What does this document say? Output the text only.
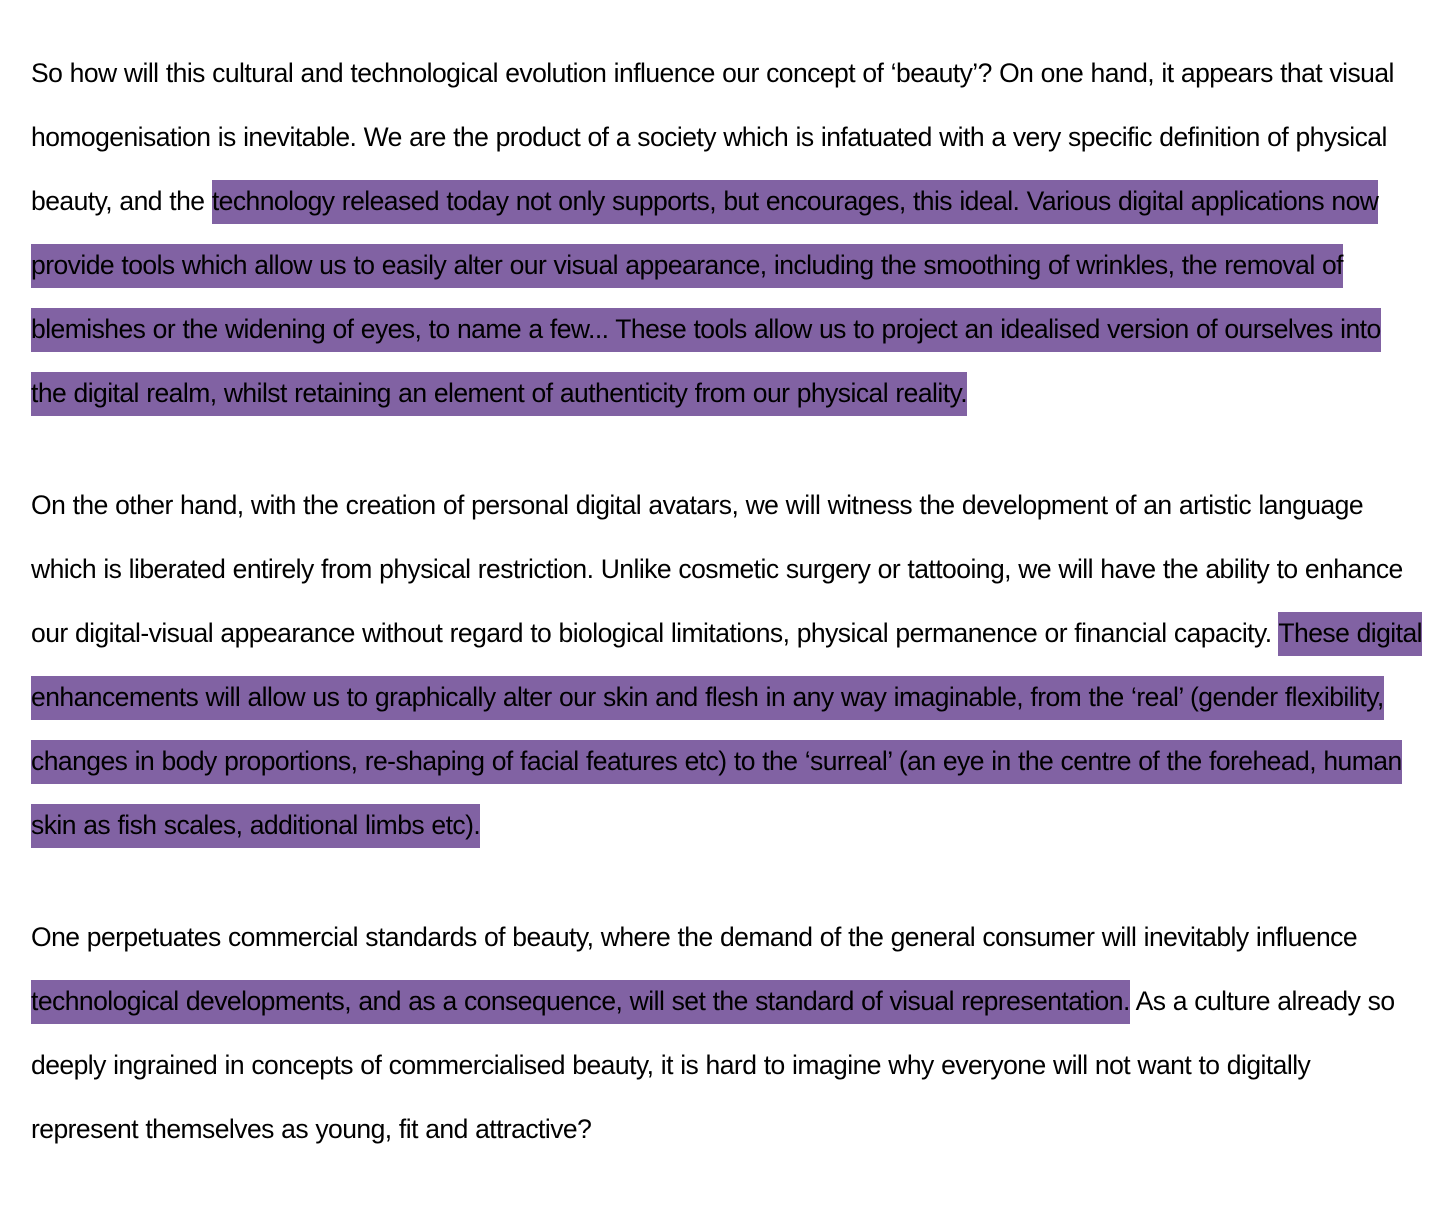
So how will this cultural and technological evolution influence our concept of ‘beauty’? On one hand, it appears that visual homogenisation is inevitable. We are the product of a society which is infatuated with a very specific definition of physical beauty, and the technology released today not only supports, but encourages, this ideal. Various digital applications now provide tools which allow us to easily alter our visual appearance, including the smoothing of wrinkles, the removal of blemishes or the widening of eyes, to name a few... These tools allow us to project an idealised version of ourselves into the digital realm, whilst retaining an element of authenticity from our physical reality.

On the other hand, with the creation of personal digital avatars, we will witness the development of an artistic language which is liberated entirely from physical restriction. Unlike cosmetic surgery or tattooing, we will have the ability to enhance our digital-visual appearance without regard to biological limitations, physical permanence or financial capacity. These digital enhancements will allow us to graphically alter our skin and flesh in any way imaginable, from the ‘real’ (gender flexibility, changes in body proportions, re-shaping of facial features etc) to the ‘surreal’ (an eye in the centre of the forehead, human skin as fish scales, additional limbs etc).

One perpetuates commercial standards of beauty, where the demand of the general consumer will inevitably influence technological developments, and as a consequence, will set the standard of visual representation. As a culture already so deeply ingrained in concepts of commercialised beauty, it is hard to imagine why everyone will not want to digitally represent themselves as young, fit and attractive?
